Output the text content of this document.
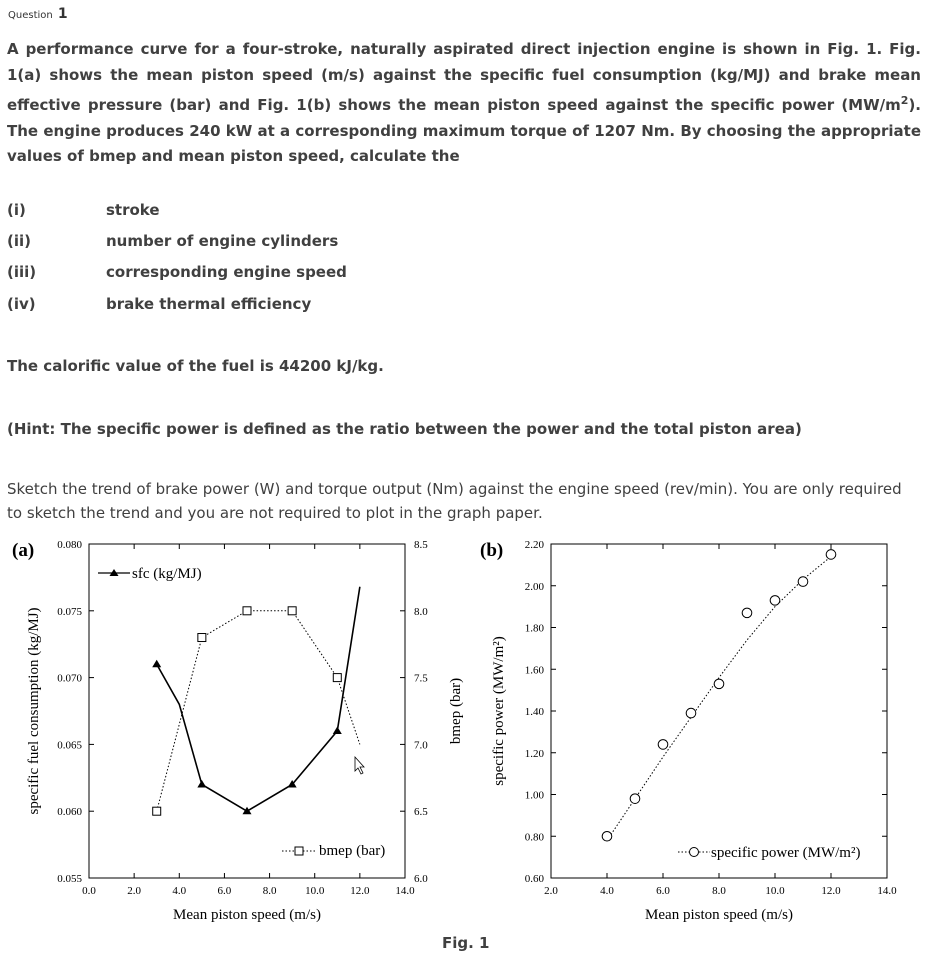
Question 1
A performance curve for a four-stroke, naturally aspirated direct injection engine is shown in Fig. 1. Fig. 1(a) shows the mean piston speed (m/s) against the specific fuel consumption (kg/MJ) and brake mean effective pressure (bar) and Fig. 1(b) shows the mean piston speed against the specific power $(MW/m^2)$. The engine produces 240 kW at a corresponding maximum torque of 1207 Nm. By choosing the appropriate values of bmep and mean piston speed, calculate the
(i)	stroke
(ii)	number of engine cylinders
(iii)	corresponding engine speed
(iv)	brake thermal efficiency
The calorific value of the fuel is 44200 kJ/kg.
(Hint: The specific power is defined as the ratio between the power and the total piston area)
Sketch the trend of brake power (W) and torque output (Nm) against the engine speed (rev/min). You are only required to sketch the trend and you are not required to plot in the graph paper.
(a)
0.0	2.0	4.0	6.0	8.0	10.0 12.0 14.0
0.055
0.060
0.065
0.070
0.075
0.080
6.0
6.5
7.0
7.5
8.0
8.5
Mean piston speed (m/s)
specific fuel consumption (kg/MJ)	bmep (bar)
sfc (kg/MJ)
bmep (bar)
(b)
2.0	4.0	6.0	8.0	10.0	12.0	14.0
0.60
0.80
1.00
1.20
1.40
1.60
1.80
2.00
2.20
Mean piston speed (m/s)
specific power (MW/m²)
specific power (MW/m²)
Fig. 1
